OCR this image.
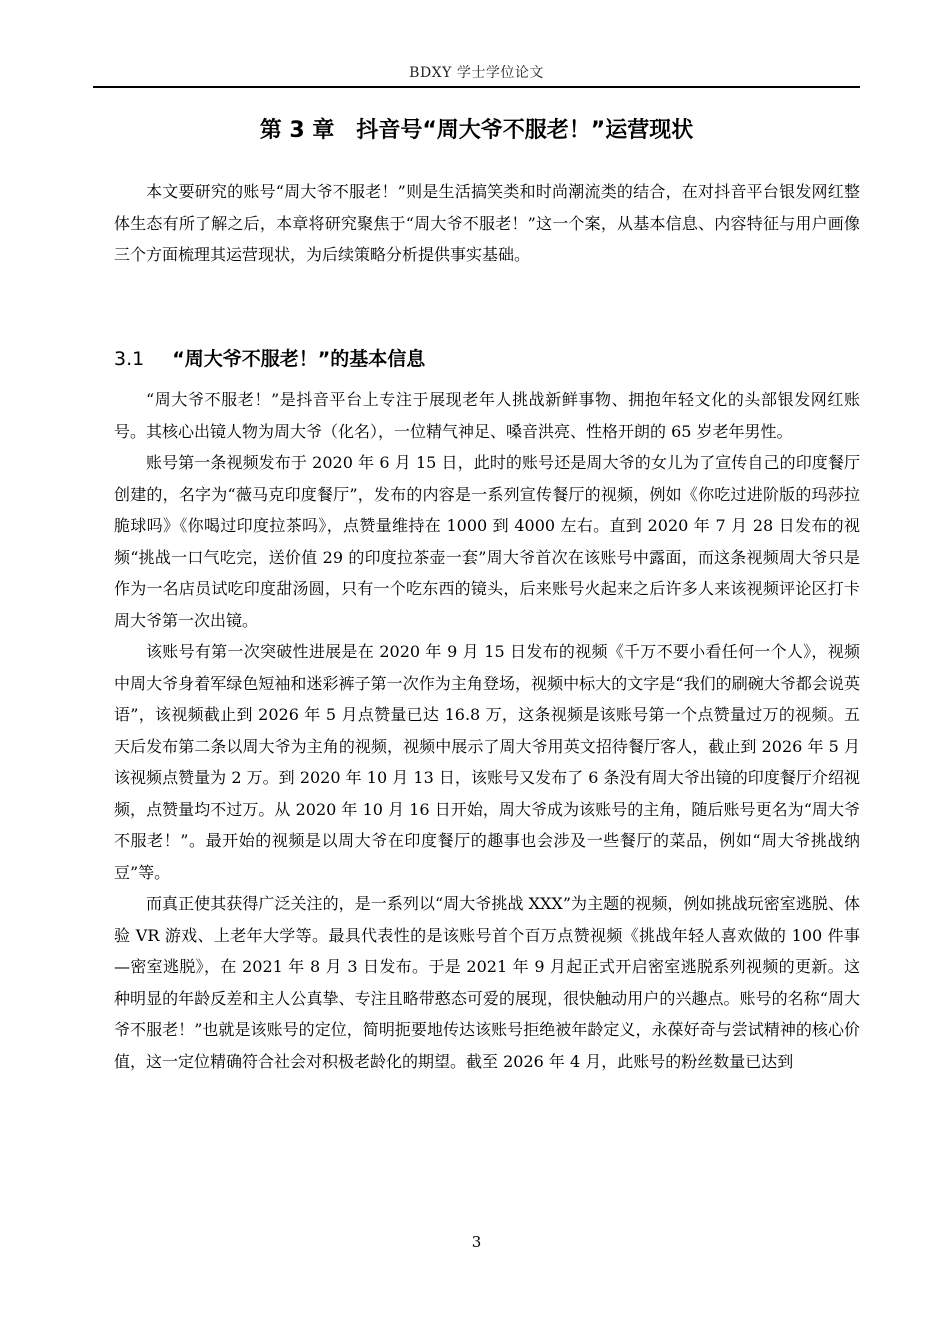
BDXY 学士学位论文
第 3 章　抖音号“周大爷不服老！”运营现状

本文要研究的账号“周大爷不服老！”则是生活搞笑类和时尚潮流类的结合，在对抖音平台银发网红整体生态有所了解之后，本章将研究聚焦于“周大爷不服老！”这一个案，从基本信息、内容特征与用户画像三个方面梳理其运营现状，为后续策略分析提供事实基础。

3.1 “周大爷不服老！”的基本信息

“周大爷不服老！”是抖音平台上专注于展现老年人挑战新鲜事物、拥抱年轻文化的头部银发网红账号。其核心出镜人物为周大爷（化名），一位精气神足、嗓音洪亮、性格开朗的 65 岁老年男性。

账号第一条视频发布于 2020 年 6 月 15 日，此时的账号还是周大爷的女儿为了宣传自己的印度餐厅创建的，名字为“薇马克印度餐厅”，发布的内容是一系列宣传餐厅的视频，例如《你吃过进阶版的玛莎拉脆球吗》《你喝过印度拉茶吗》，点赞量维持在 1000 到 4000 左右。直到 2020 年 7 月 28 日发布的视频“挑战一口气吃完，送价值 29 的印度拉茶壶一套”周大爷首次在该账号中露面，而这条视频周大爷只是作为一名店员试吃印度甜汤圆，只有一个吃东西的镜头，后来账号火起来之后许多人来该视频评论区打卡周大爷第一次出镜。

该账号有第一次突破性进展是在 2020 年 9 月 15 日发布的视频《千万不要小看任何一个人》，视频中周大爷身着军绿色短袖和迷彩裤子第一次作为主角登场，视频中标大的文字是“我们的刷碗大爷都会说英语”，该视频截止到 2026 年 5 月点赞量已达 16.8 万，这条视频是该账号第一个点赞量过万的视频。五天后发布第二条以周大爷为主角的视频，视频中展示了周大爷用英文招待餐厅客人，截止到 2026 年 5 月该视频点赞量为 2 万。到 2020 年 10 月 13 日，该账号又发布了 6 条没有周大爷出镜的印度餐厅介绍视频，点赞量均不过万。从 2020 年 10 月 16 日开始，周大爷成为该账号的主角，随后账号更名为“周大爷不服老！”。最开始的视频是以周大爷在印度餐厅的趣事也会涉及一些餐厅的菜品，例如“周大爷挑战纳豆”等。

而真正使其获得广泛关注的，是一系列以“周大爷挑战 XXX”为主题的视频，例如挑战玩密室逃脱、体验 VR 游戏、上老年大学等。最具代表性的是该账号首个百万点赞视频《挑战年轻人喜欢做的 100 件事—密室逃脱》，在 2021 年 8 月 3 日发布。于是 2021 年 9 月起正式开启密室逃脱系列视频的更新。这种明显的年龄反差和主人公真挚、专注且略带憨态可爱的展现，很快触动用户的兴趣点。账号的名称“周大爷不服老！”也就是该账号的定位，简明扼要地传达该账号拒绝被年龄定义，永葆好奇与尝试精神的核心价值，这一定位精确符合社会对积极老龄化的期望。截至 2026 年 4 月，此账号的粉丝数量已达到

3
